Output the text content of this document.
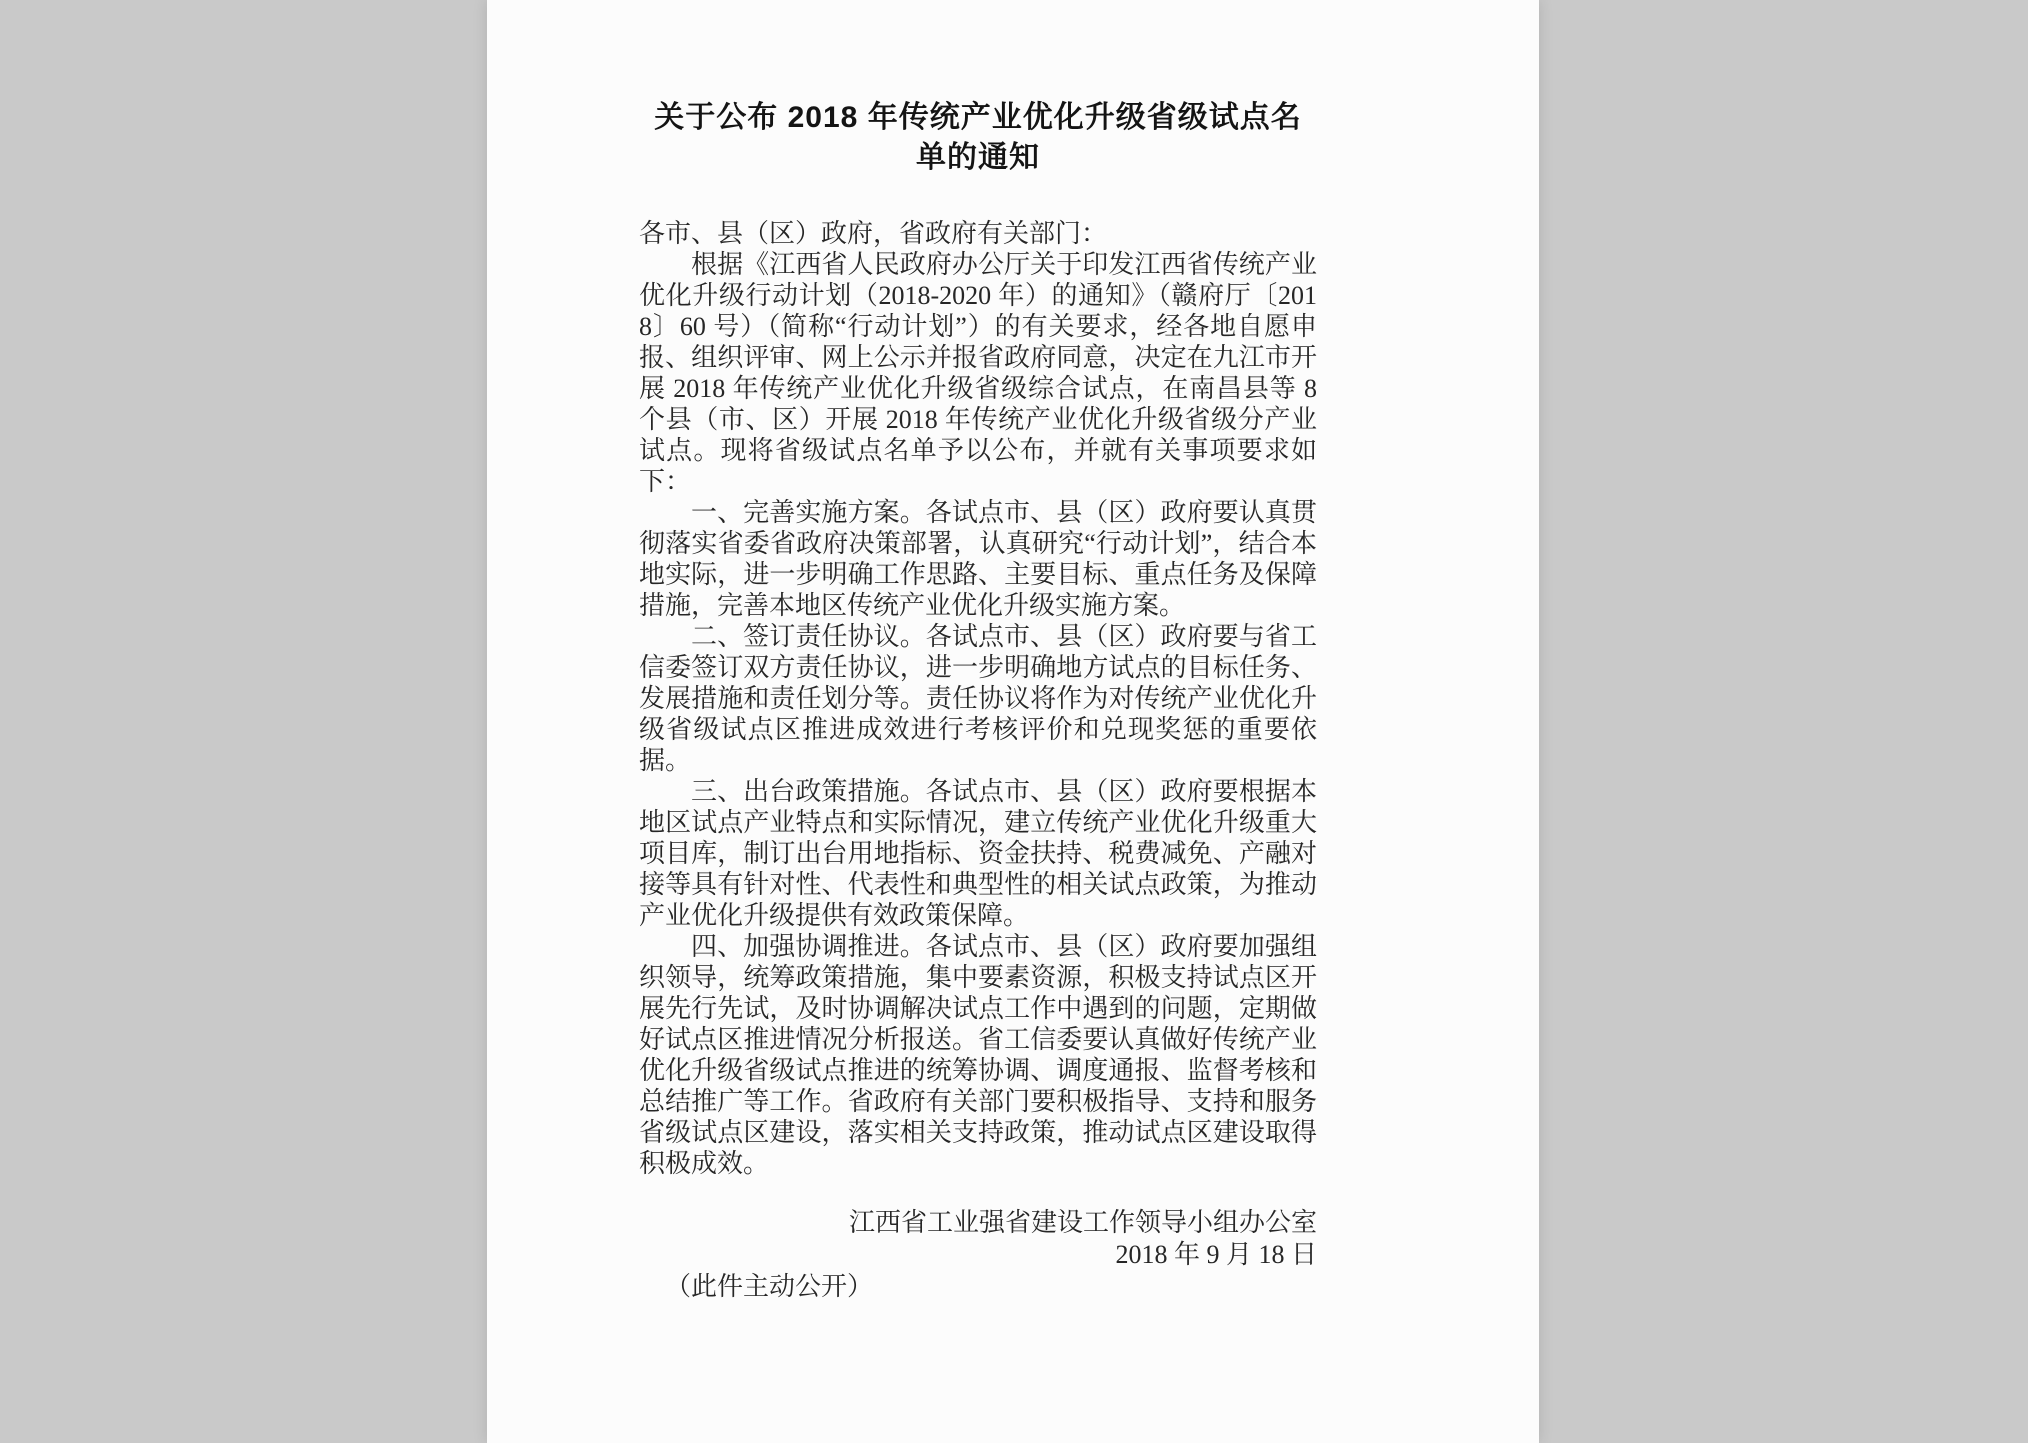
关于公布 2018 年传统产业优化升级省级试点名单的通知
各市、县（区）政府，省政府有关部门：

根据《江西省人民政府办公厅关于印发江西省传统产业优化升级行动计划（2018-2020 年）的通知》（赣府厅〔2018〕60 号）（简称“行动计划”）的有关要求，经各地自愿申报、组织评审、网上公示并报省政府同意，决定在九江市开展 2018 年传统产业优化升级省级综合试点，在南昌县等 8 个县（市、区）开展 2018 年传统产业优化升级省级分产业试点。现将省级试点名单予以公布，并就有关事项要求如下：

一、完善实施方案。各试点市、县（区）政府要认真贯彻落实省委省政府决策部署，认真研究“行动计划”，结合本地实际，进一步明确工作思路、主要目标、重点任务及保障措施，完善本地区传统产业优化升级实施方案。

二、签订责任协议。各试点市、县（区）政府要与省工信委签订双方责任协议，进一步明确地方试点的目标任务、发展措施和责任划分等。责任协议将作为对传统产业优化升级省级试点区推进成效进行考核评价和兑现奖惩的重要依据。

三、出台政策措施。各试点市、县（区）政府要根据本地区试点产业特点和实际情况，建立传统产业优化升级重大项目库，制订出台用地指标、资金扶持、税费减免、产融对接等具有针对性、代表性和典型性的相关试点政策，为推动产业优化升级提供有效政策保障。

四、加强协调推进。各试点市、县（区）政府要加强组织领导，统筹政策措施，集中要素资源，积极支持试点区开展先行先试，及时协调解决试点工作中遇到的问题，定期做好试点区推进情况分析报送。省工信委要认真做好传统产业优化升级省级试点推进的统筹协调、调度通报、监督考核和总结推广等工作。省政府有关部门要积极指导、支持和服务省级试点区建设，落实相关支持政策，推动试点区建设取得积极成效。

江西省工业强省建设工作领导小组办公室
2018 年 9 月 18 日
（此件主动公开）
